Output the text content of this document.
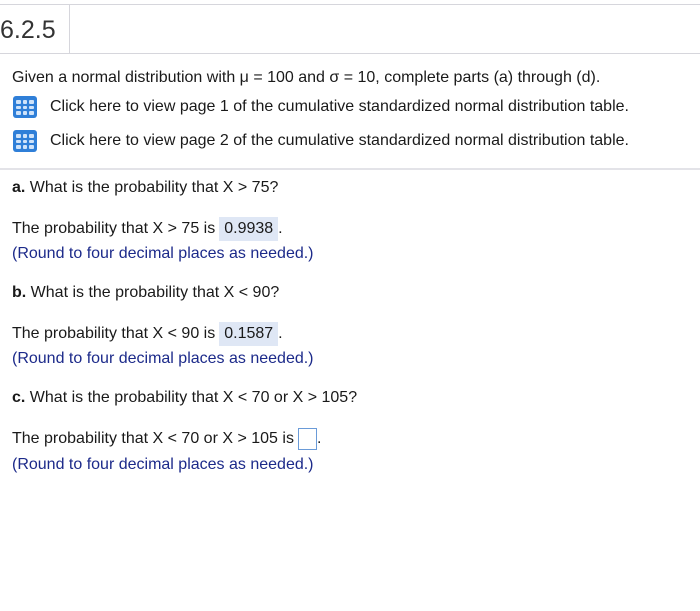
6.2.5
Given a normal distribution with μ = 100 and σ = 10, complete parts (a) through (d).
Click here to view page 1 of the cumulative standardized normal distribution table.
Click here to view page 2 of the cumulative standardized normal distribution table.
a. What is the probability that X > 75?
The probability that X > 75 is 0.9938 .
(Round to four decimal places as needed.)
b. What is the probability that X < 90?
The probability that X < 90 is 0.1587 .
(Round to four decimal places as needed.)
c. What is the probability that X < 70 or X > 105?
The probability that X < 70 or X > 105 is .
(Round to four decimal places as needed.)
